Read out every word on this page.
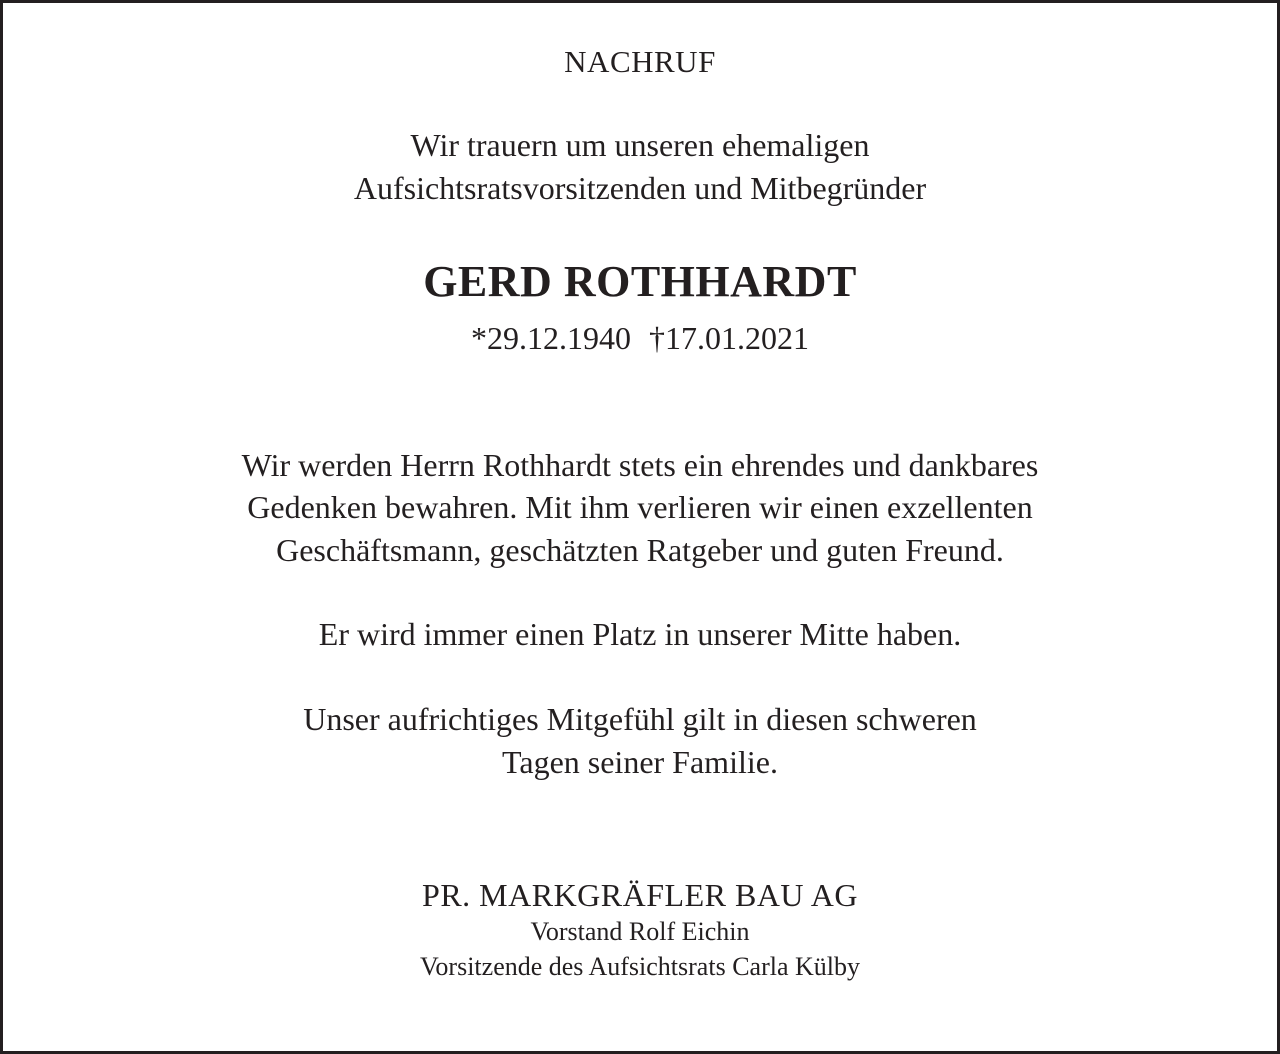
NACHRUF
Wir trauern um unseren ehemaligen
Aufsichtsratsvorsitzenden und Mitbegründer
GERD ROTHHARDT
*29.12.1940 †17.01.2021
Wir werden Herrn Rothhardt stets ein ehrendes und dankbares
Gedenken bewahren. Mit ihm verlieren wir einen exzellenten
Geschäftsmann, geschätzten Ratgeber und guten Freund.
Er wird immer einen Platz in unserer Mitte haben.
Unser aufrichtiges Mitgefühl gilt in diesen schweren
Tagen seiner Familie.
PR. MARKGRÄFLER BAU AG
Vorstand Rolf Eichin
Vorsitzende des Aufsichtsrats Carla Külby
